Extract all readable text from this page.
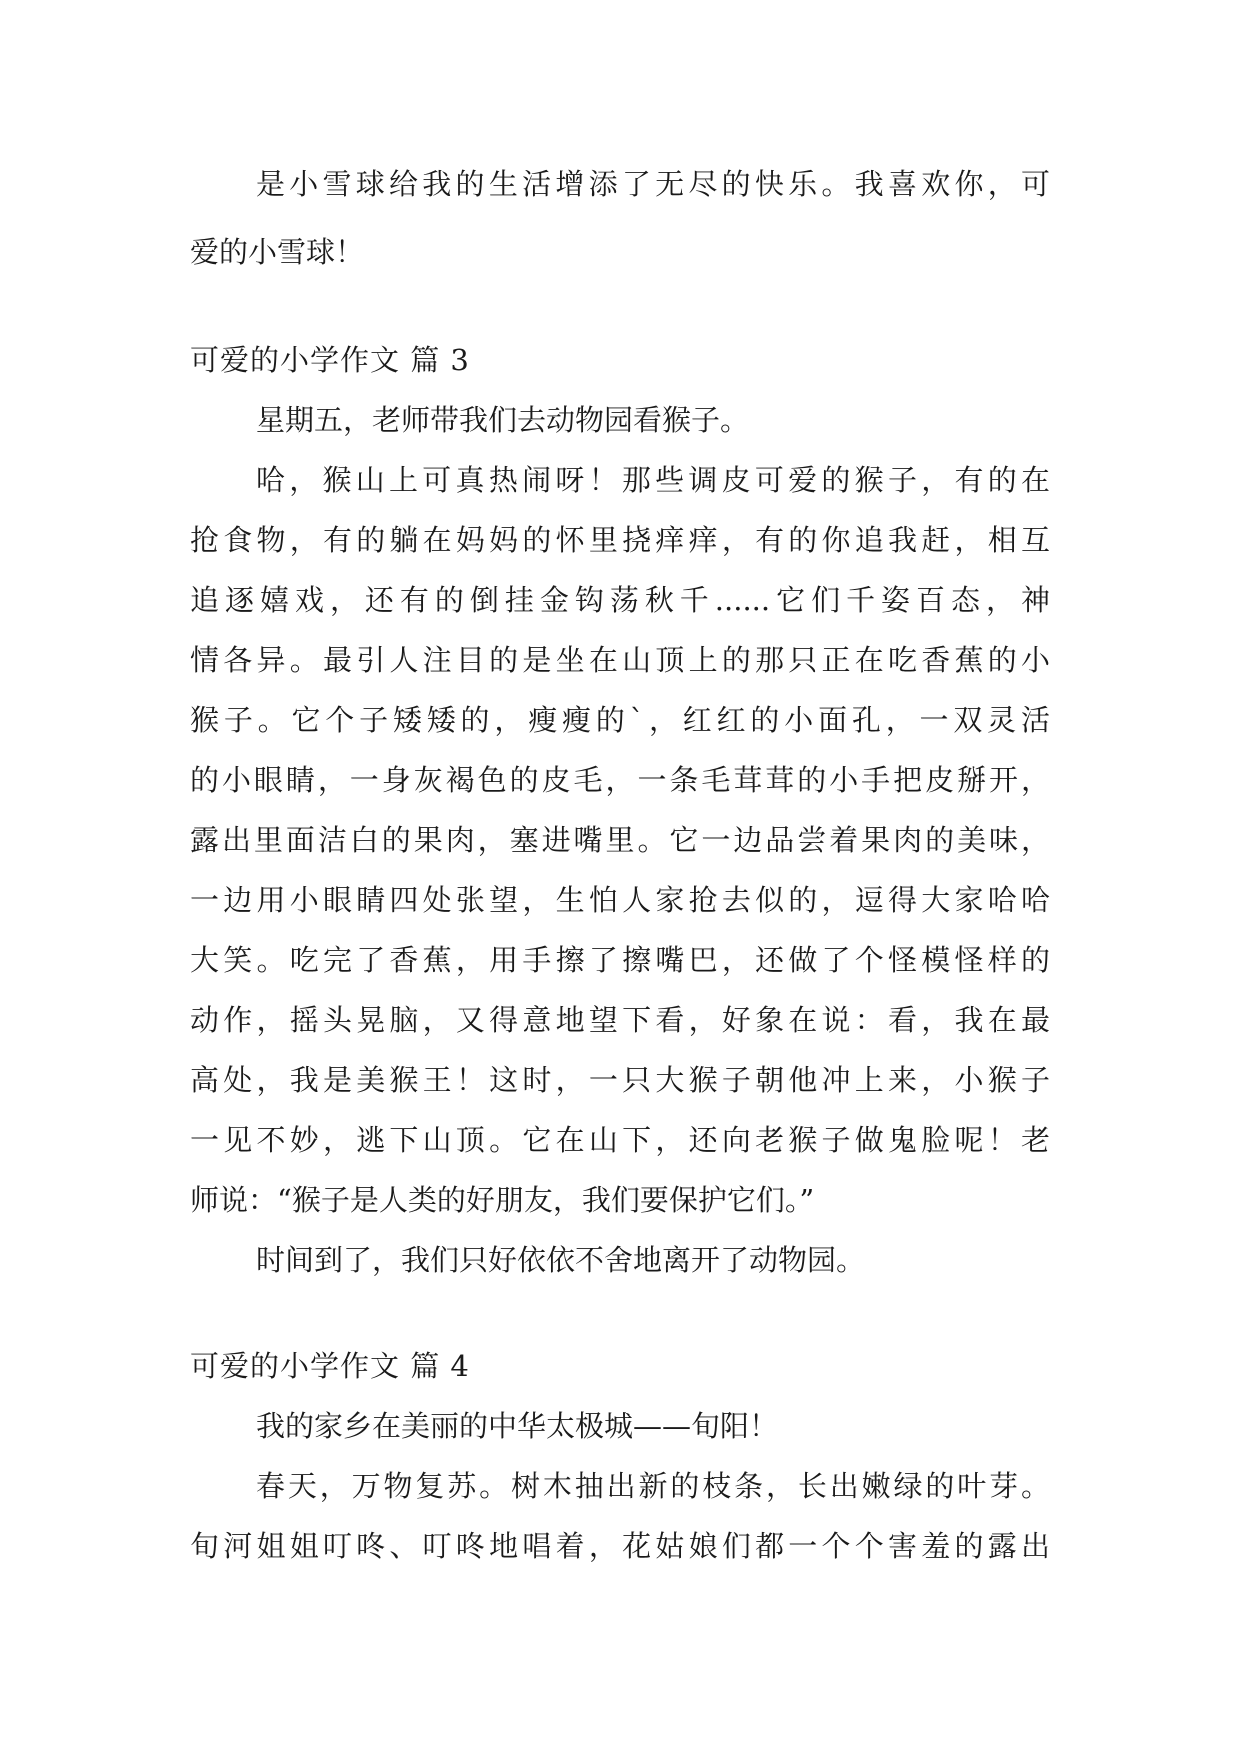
是小雪球给我的生活增添了无尽的快乐。我喜欢你，可
爱的小雪球！
可爱的小学作文 篇 3
星期五，老师带我们去动物园看猴子。
哈，猴山上可真热闹呀！那些调皮可爱的猴子，有的在
抢食物，有的躺在妈妈的怀里挠痒痒，有的你追我赶，相互
追逐嬉戏，还有的倒挂金钩荡秋千......它们千姿百态，神
情各异。最引人注目的是坐在山顶上的那只正在吃香蕉的小
猴子。它个子矮矮的，瘦瘦的`，红红的小面孔，一双灵活
的小眼睛，一身灰褐色的皮毛，一条毛茸茸的小手把皮掰开，
露出里面洁白的果肉，塞进嘴里。它一边品尝着果肉的美味，
一边用小眼睛四处张望，生怕人家抢去似的，逗得大家哈哈
大笑。吃完了香蕉，用手擦了擦嘴巴，还做了个怪模怪样的
动作，摇头晃脑，又得意地望下看，好象在说：看，我在最
高处，我是美猴王！这时，一只大猴子朝他冲上来，小猴子
一见不妙，逃下山顶。它在山下，还向老猴子做鬼脸呢！老
师说：“猴子是人类的好朋友，我们要保护它们。”
时间到了，我们只好依依不舍地离开了动物园。
可爱的小学作文 篇 4
我的家乡在美丽的中华太极城——旬阳！
春天，万物复苏。树木抽出新的枝条，长出嫩绿的叶芽。
旬河姐姐叮咚、叮咚地唱着，花姑娘们都一个个害羞的露出
